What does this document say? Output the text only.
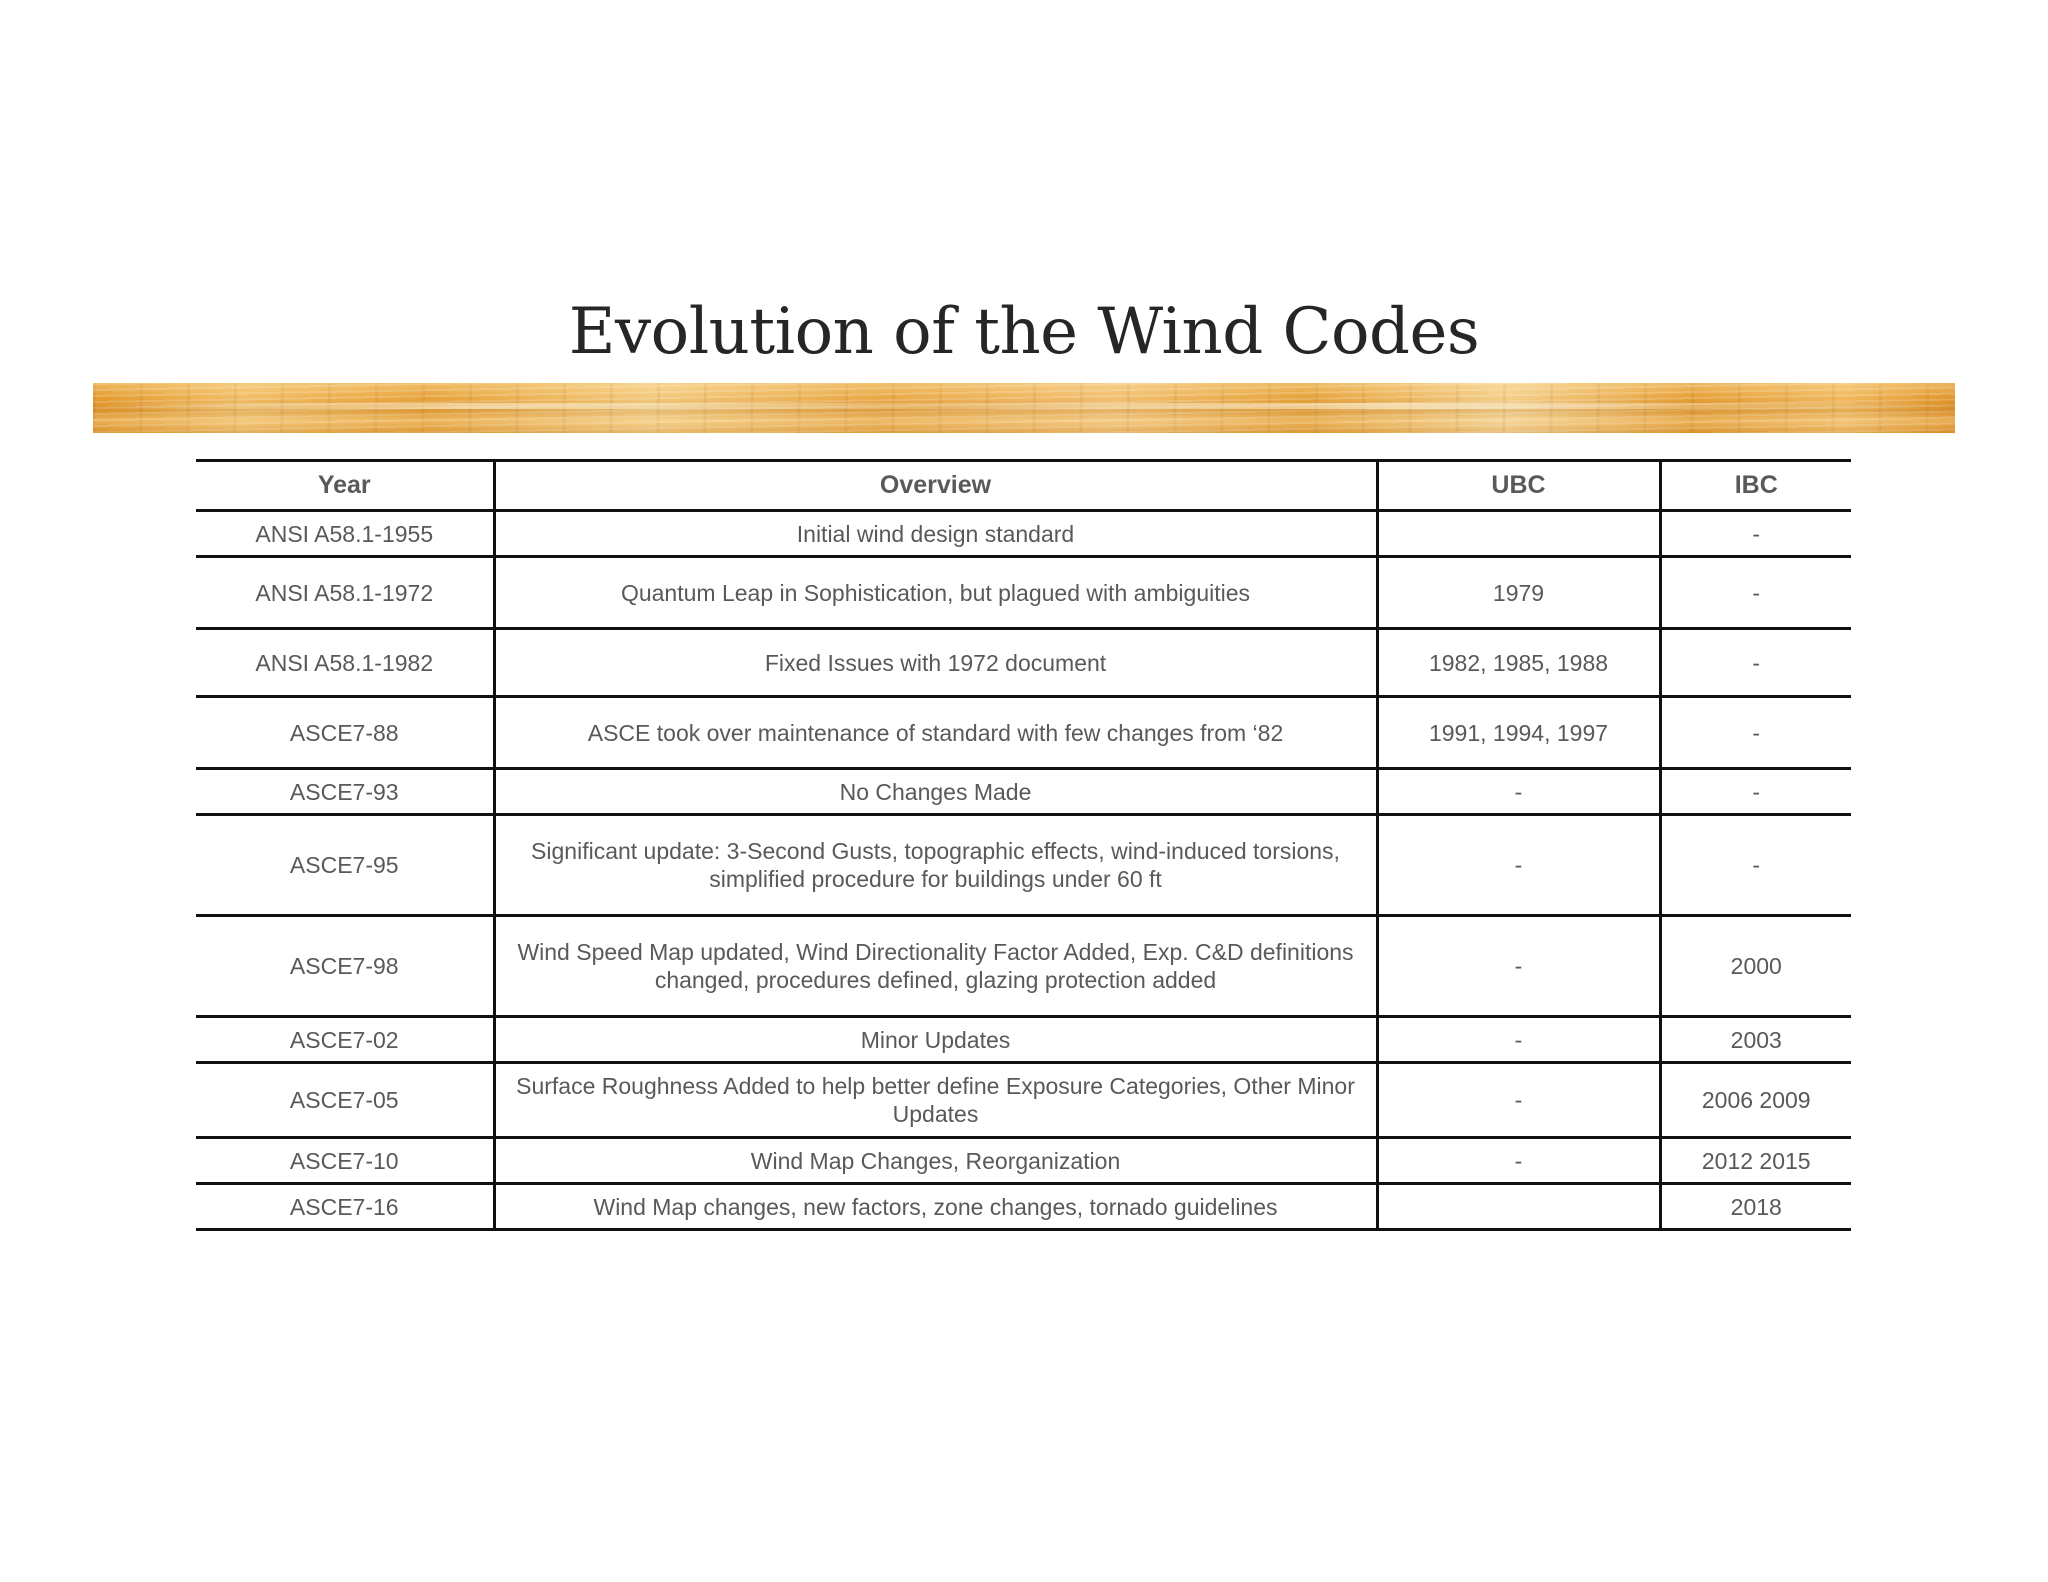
Evolution of the Wind Codes
Year	Overview	UBC	IBC
ANSI A58.1-1955	Initial wind design standard		-
ANSI A58.1-1972	Quantum Leap in Sophistication, but plagued with ambiguities	1979	-
ANSI A58.1-1982	Fixed Issues with 1972 document	1982, 1985, 1988	-
ASCE7-88	ASCE took over maintenance of standard with few changes from ‘82	1991, 1994, 1997	-
ASCE7-93	No Changes Made	-	-
ASCE7-95	Significant update: 3-Second Gusts, topographic effects, wind-induced torsions, simplified procedure for buildings under 60 ft	-	-
ASCE7-98	Wind Speed Map updated, Wind Directionality Factor Added, Exp. C&D definitions changed, procedures defined, glazing protection added	-	2000
ASCE7-02	Minor Updates	-	2003
ASCE7-05	Surface Roughness Added to help better define Exposure Categories, Other Minor Updates	-	2006 2009
ASCE7-10	Wind Map Changes, Reorganization	-	2012 2015
ASCE7-16	Wind Map changes, new factors, zone changes, tornado guidelines		2018
